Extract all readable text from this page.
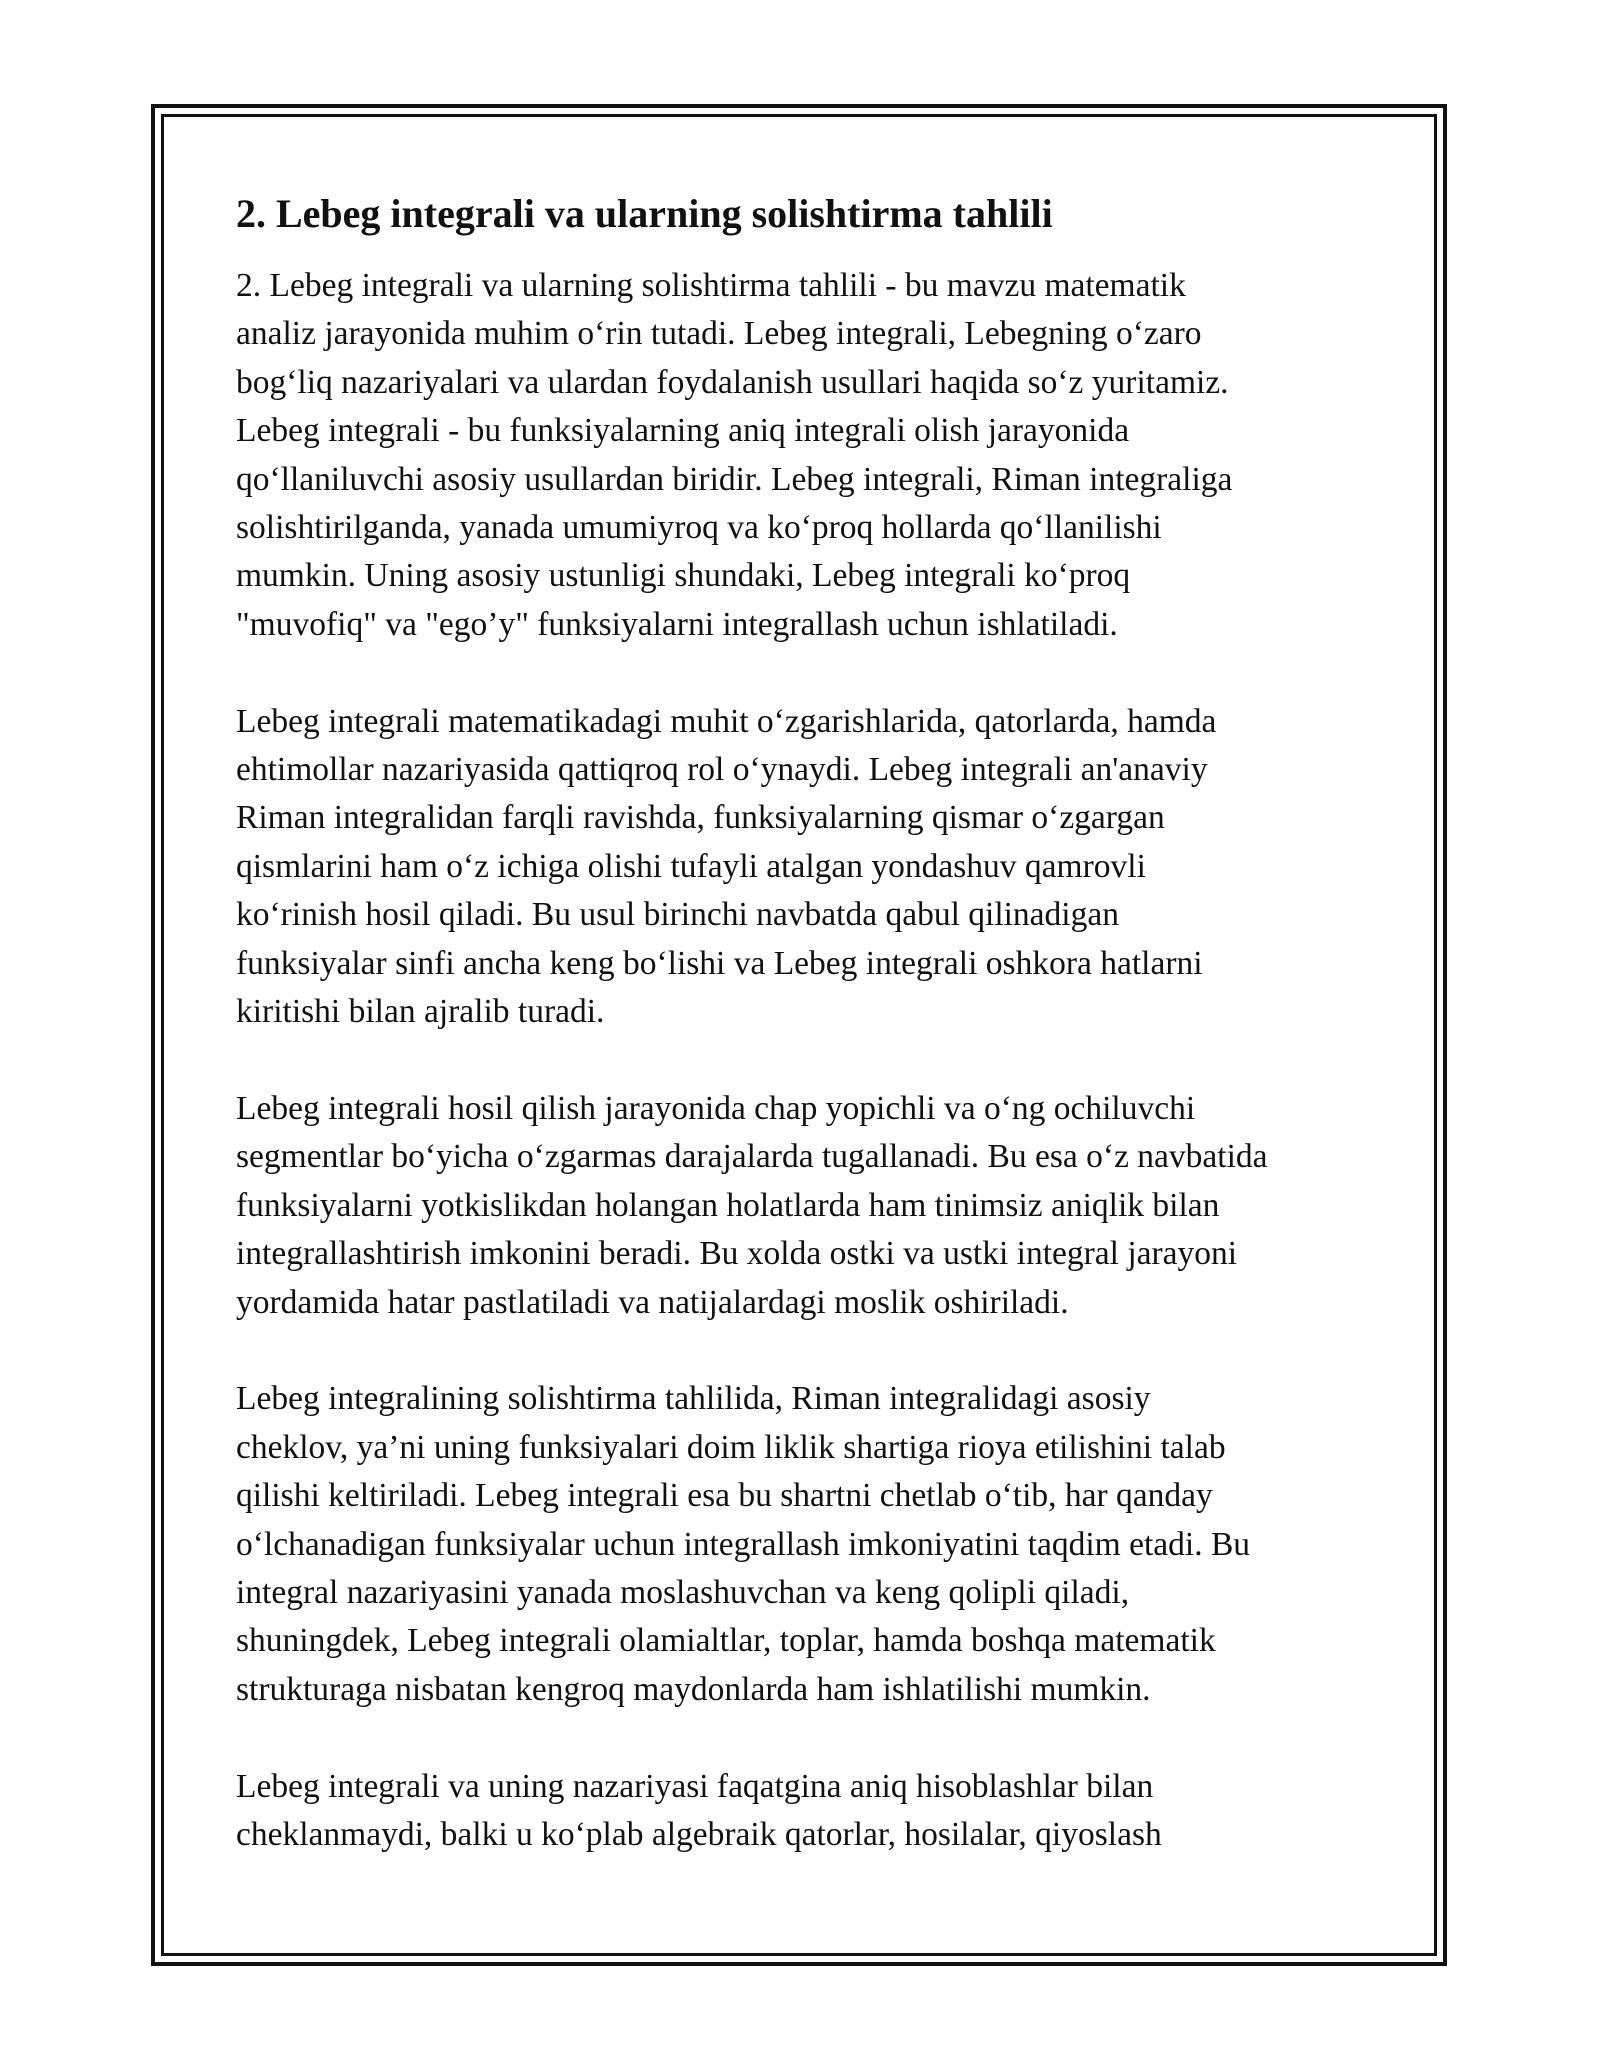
2. Lebeg integrali va ularning solishtirma tahlili

2. Lebeg integrali va ularning solishtirma tahlili - bu mavzu matematik
analiz jarayonida muhim o‘rin tutadi. Lebeg integrali, Lebegning o‘zaro
bog‘liq nazariyalari va ulardan foydalanish usullari haqida so‘z yuritamiz.
Lebeg integrali - bu funksiyalarning aniq integrali olish jarayonida
qo‘llaniluvchi asosiy usullardan biridir. Lebeg integrali, Riman integraliga
solishtirilganda, yanada umumiyroq va ko‘proq hollarda qo‘llanilishi
mumkin. Uning asosiy ustunligi shundaki, Lebeg integrali ko‘proq
"muvofiq" va "ego’y" funksiyalarni integrallash uchun ishlatiladi.

Lebeg integrali matematikadagi muhit o‘zgarishlarida, qatorlarda, hamda
ehtimollar nazariyasida qattiqroq rol o‘ynaydi. Lebeg integrali an'anaviy
Riman integralidan farqli ravishda, funksiyalarning qismar o‘zgargan
qismlarini ham o‘z ichiga olishi tufayli atalgan yondashuv qamrovli
ko‘rinish hosil qiladi. Bu usul birinchi navbatda qabul qilinadigan
funksiyalar sinfi ancha keng bo‘lishi va Lebeg integrali oshkora hatlarni
kiritishi bilan ajralib turadi.

Lebeg integrali hosil qilish jarayonida chap yopichli va o‘ng ochiluvchi
segmentlar bo‘yicha o‘zgarmas darajalarda tugallanadi. Bu esa o‘z navbatida
funksiyalarni yotkislikdan holangan holatlarda ham tinimsiz aniqlik bilan
integrallashtirish imkonini beradi. Bu xolda ostki va ustki integral jarayoni
yordamida hatar pastlatiladi va natijalardagi moslik oshiriladi.

Lebeg integralining solishtirma tahlilida, Riman integralidagi asosiy
cheklov, ya’ni uning funksiyalari doim liklik shartiga rioya etilishini talab
qilishi keltiriladi. Lebeg integrali esa bu shartni chetlab o‘tib, har qanday
o‘lchanadigan funksiyalar uchun integrallash imkoniyatini taqdim etadi. Bu
integral nazariyasini yanada moslashuvchan va keng qolipli qiladi,
shuningdek, Lebeg integrali olamialtlar, toplar, hamda boshqa matematik
strukturaga nisbatan kengroq maydonlarda ham ishlatilishi mumkin.

Lebeg integrali va uning nazariyasi faqatgina aniq hisoblashlar bilan
cheklanmaydi, balki u ko‘plab algebraik qatorlar, hosilalar, qiyoslash
